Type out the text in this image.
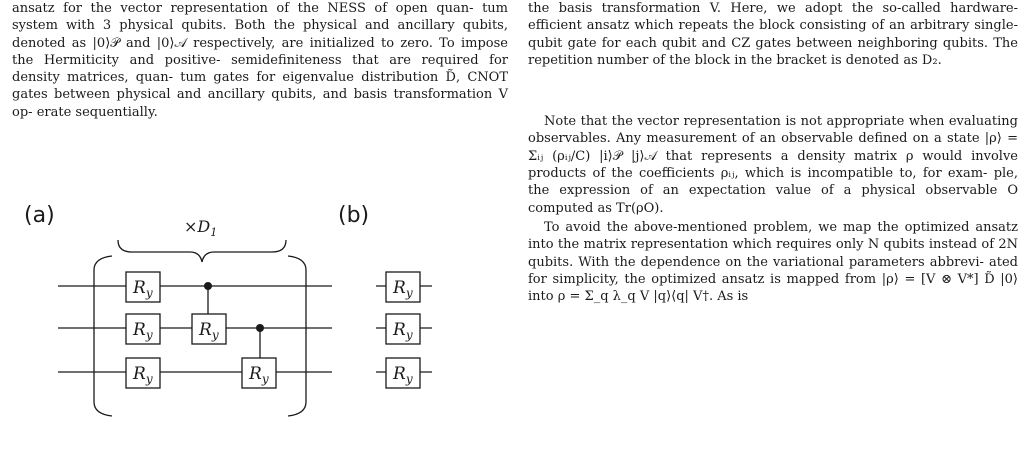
ansatz for the vector representation of the NESS of open quan- tum system with 3 physical qubits. Both the physical and ancillary qubits, denoted as |0⟩𝒫 and |0⟩𝒜 respectively, are initialized to zero. To impose the Hermiticity and positive- semidefiniteness that are required for density matrices, quan- tum gates for eigenvalue distribution D̃, CNOT gates between physical and ancillary qubits, and basis transformation V op- erate sequentially.

$R_y$
$R_y$
$R_y$
$R_y$
$R_y$
$R_y$
$R_y$
$R_y$
$\times D_1$
(a)	(b)

the basis transformation V. Here, we adopt the so-called hardware-efficient ansatz which repeats the block consisting of an arbitrary single-qubit gate for each qubit and CZ gates between neighboring qubits. The repetition number of the block in the bracket is denoted as D₂.

Note that the vector representation is not appropriate when evaluating observables. Any measurement of an observable defined on a state |ρ⟩ = Σᵢⱼ (ρᵢⱼ/C) |i⟩𝒫 |j⟩𝒜 that represents a density matrix ρ would involve products of the coefficients ρᵢⱼ, which is incompatible to, for exam- ple, the expression of an expectation value of a physical observable O computed as Tr(ρO).

To avoid the above-mentioned problem, we map the optimized ansatz into the matrix representation which requires only N qubits instead of 2N qubits. With the dependence on the variational parameters abbrevi- ated for simplicity, the optimized ansatz is mapped from |ρ⟩ = [V ⊗ V*] D̃ |0⟩ into ρ = Σ_q λ_q V |q⟩⟨q| V†. As is
